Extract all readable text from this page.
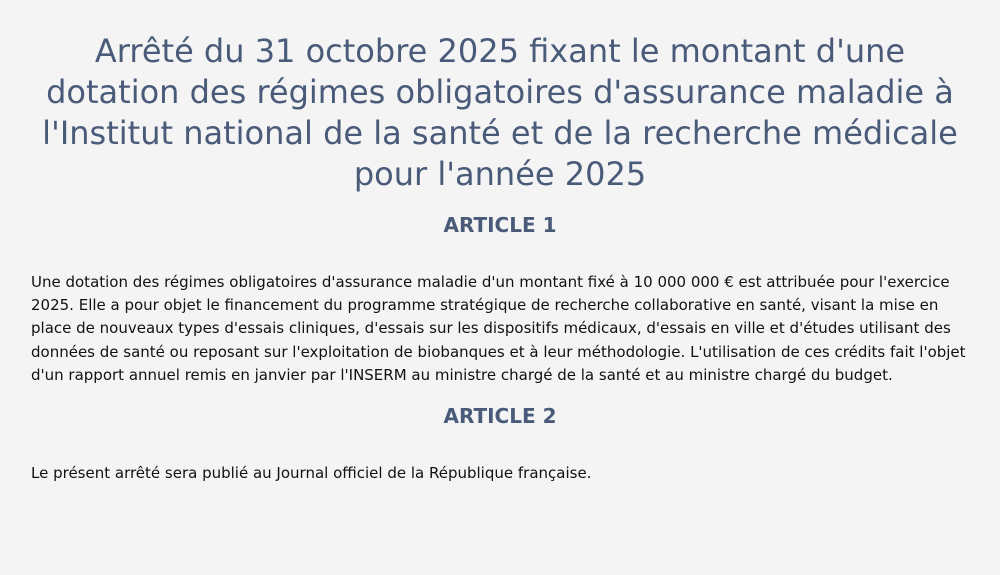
Arrêté du 31 octobre 2025 fixant le montant d'une dotation des régimes obligatoires d'assurance maladie à l'Institut national de la santé et de la recherche médicale pour l'année 2025
ARTICLE 1

Une dotation des régimes obligatoires d'assurance maladie d'un montant fixé à 10 000 000 € est attribuée pour l'exercice 2025. Elle a pour objet le financement du programme stratégique de recherche collaborative en santé, visant la mise en place de nouveaux types d'essais cliniques, d'essais sur les dispositifs médicaux, d'essais en ville et d'études utilisant des données de santé ou reposant sur l'exploitation de biobanques et à leur méthodologie. L'utilisation de ces crédits fait l'objet d'un rapport annuel remis en janvier par l'INSERM au ministre chargé de la santé et au ministre chargé du budget.

ARTICLE 2

Le présent arrêté sera publié au Journal officiel de la République française.
